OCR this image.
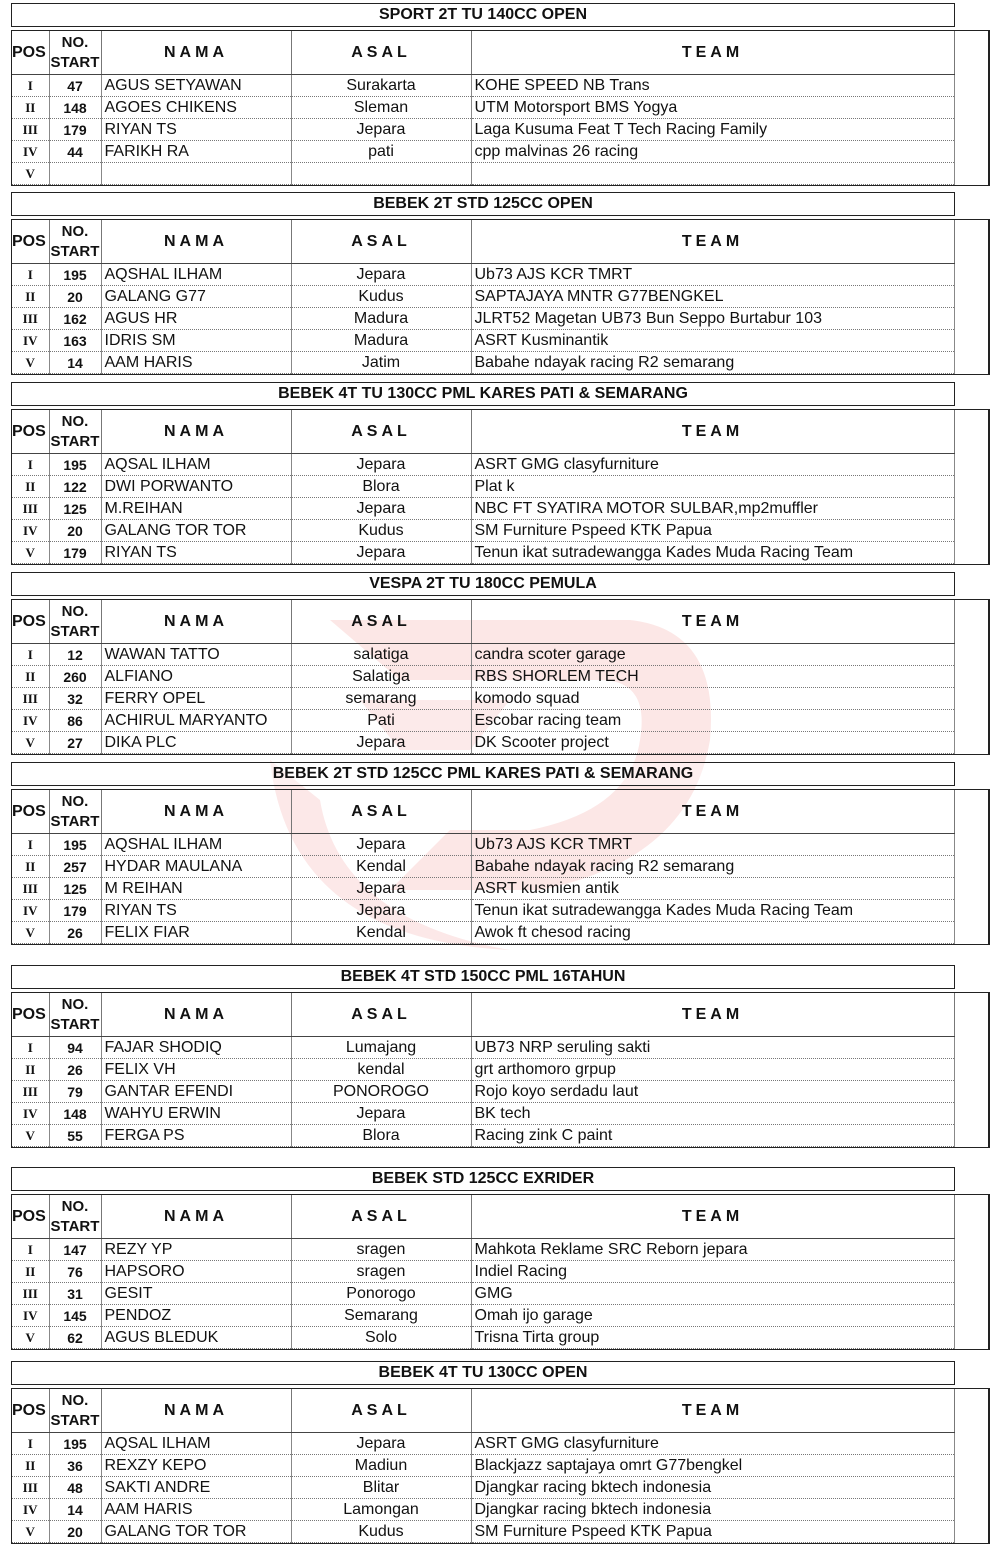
SPORT 2T TU 140CC OPEN
POS	NO. START	NAMA	ASAL	TEAM
I	47	AGUS SETYAWAN	Surakarta	KOHE SPEED NB Trans
II	148	AGOES CHIKENS	Sleman	UTM Motorsport BMS Yogya
III	179	RIYAN TS	Jepara	Laga Kusuma Feat T Tech Racing Family
IV	44	FARIKH RA	pati	cpp malvinas 26 racing
V				
BEBEK 2T STD 125CC OPEN
POS	NO. START	NAMA	ASAL	TEAM
I	195	AQSHAL ILHAM	Jepara	Ub73 AJS KCR TMRT
II	20	GALANG G77	Kudus	SAPTAJAYA MNTR G77BENGKEL
III	162	AGUS HR	Madura	JLRT52 Magetan UB73 Bun Seppo Burtabur 103
IV	163	IDRIS SM	Madura	ASRT Kusminantik
V	14	AAM HARIS	Jatim	Babahe ndayak racing R2 semarang
BEBEK 4T TU 130CC PML KARES PATI & SEMARANG
POS	NO. START	NAMA	ASAL	TEAM
I	195	AQSAL ILHAM	Jepara	ASRT GMG clasyfurniture
II	122	DWI PORWANTO	Blora	Plat k
III	125	M.REIHAN	Jepara	NBC FT SYATIRA MOTOR SULBAR,mp2muffler
IV	20	GALANG TOR TOR	Kudus	SM Furniture Pspeed KTK Papua
V	179	RIYAN TS	Jepara	Tenun ikat sutradewangga Kades Muda Racing Team
VESPA 2T TU 180CC PEMULA
POS	NO. START	NAMA	ASAL	TEAM
I	12	WAWAN TATTO	salatiga	candra scoter garage
II	260	ALFIANO	Salatiga	RBS SHORLEM TECH
III	32	FERRY OPEL	semarang	komodo squad
IV	86	ACHIRUL MARYANTO	Pati	Escobar racing team
V	27	DIKA PLC	Jepara	DK Scooter project
BEBEK 2T STD 125CC PML KARES PATI & SEMARANG
POS	NO. START	NAMA	ASAL	TEAM
I	195	AQSHAL ILHAM	Jepara	Ub73 AJS KCR TMRT
II	257	HYDAR MAULANA	Kendal	Babahe ndayak racing R2 semarang
III	125	M REIHAN	Jepara	ASRT kusmien antik
IV	179	RIYAN TS	Jepara	Tenun ikat sutradewangga Kades Muda Racing Team
V	26	FELIX FIAR	Kendal	Awok ft chesod racing
BEBEK 4T STD 150CC PML 16TAHUN
POS	NO. START	NAMA	ASAL	TEAM
I	94	FAJAR SHODIQ	Lumajang	UB73 NRP seruling sakti
II	26	FELIX VH	kendal	grt arthomoro grpup
III	79	GANTAR EFENDI	PONOROGO	Rojo koyo serdadu laut
IV	148	WAHYU ERWIN	Jepara	BK tech
V	55	FERGA PS	Blora	Racing zink C paint
BEBEK STD 125CC EXRIDER
POS	NO. START	NAMA	ASAL	TEAM
I	147	REZY YP	sragen	Mahkota Reklame SRC Reborn jepara
II	76	HAPSORO	sragen	Indiel Racing
III	31	GESIT	Ponorogo	GMG
IV	145	PENDOZ	Semarang	Omah ijo garage
V	62	AGUS BLEDUK	Solo	Trisna Tirta group
BEBEK 4T TU 130CC OPEN
POS	NO. START	NAMA	ASAL	TEAM
I	195	AQSAL ILHAM	Jepara	ASRT GMG clasyfurniture
II	36	REXZY KEPO	Madiun	Blackjazz saptajaya omrt G77bengkel
III	48	SAKTI ANDRE	Blitar	Djangkar racing bktech indonesia
IV	14	AAM HARIS	Lamongan	Djangkar racing bktech indonesia
V	20	GALANG TOR TOR	Kudus	SM Furniture Pspeed KTK Papua
